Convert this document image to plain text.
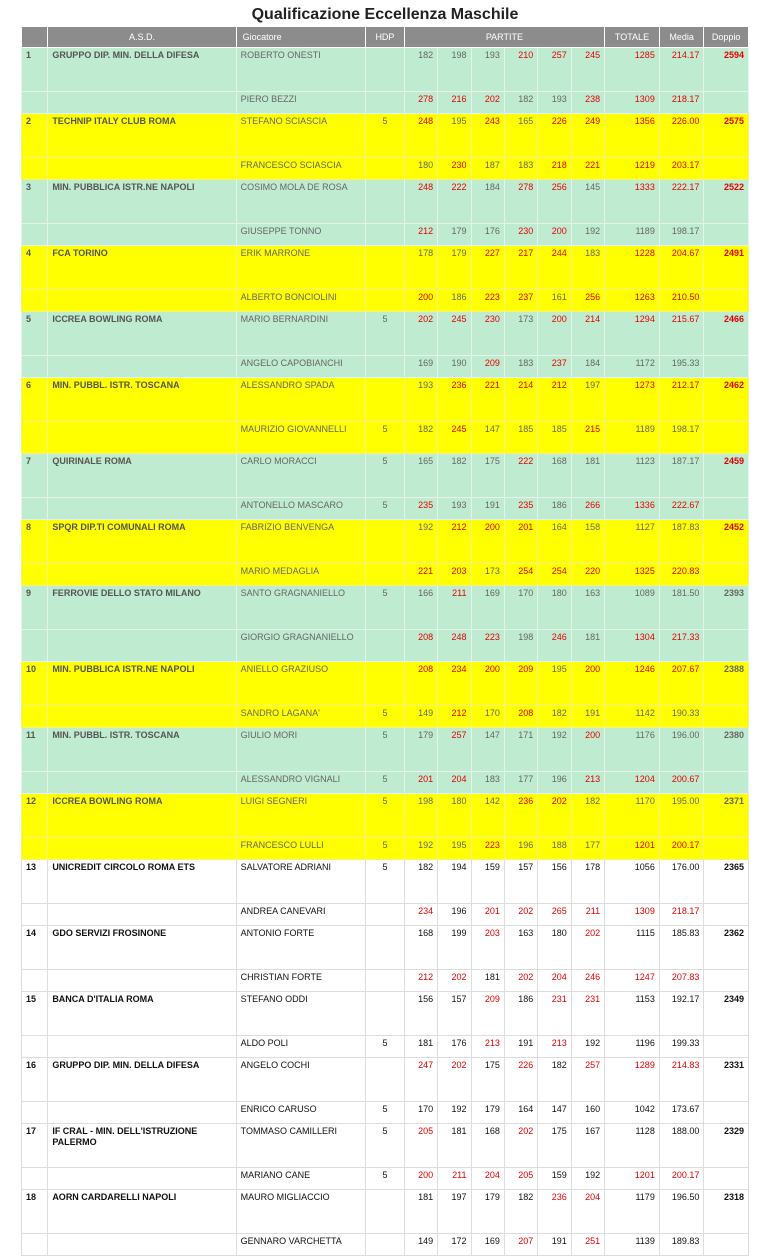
Qualificazione Eccellenza Maschile
	A.S.D.	Giocatore	HDP	PARTITE						TOTALE	Media	Doppio
1	GRUPPO DIP. MIN. DELLA DIFESA	ROBERTO ONESTI		182	198	193	210	257	245	1285	214.17	2594
		PIERO BEZZI		278	216	202	182	193	238	1309	218.17	
2	TECHNIP ITALY CLUB ROMA	STEFANO SCIASCIA	5	248	195	243	165	226	249	1356	226.00	2575
		FRANCESCO SCIASCIA		180	230	187	183	218	221	1219	203.17	
3	MIN. PUBBLICA ISTR.NE NAPOLI	COSIMO MOLA DE ROSA		248	222	184	278	256	145	1333	222.17	2522
		GIUSEPPE TONNO		212	179	176	230	200	192	1189	198.17	
4	FCA TORINO	ERIK MARRONE		178	179	227	217	244	183	1228	204.67	2491
		ALBERTO BONCIOLINI		200	186	223	237	161	256	1263	210.50	
5	ICCREA BOWLING ROMA	MARIO BERNARDINI	5	202	245	230	173	200	214	1294	215.67	2466
		ANGELO CAPOBIANCHI		169	190	209	183	237	184	1172	195.33	
6	MIN. PUBBL. ISTR. TOSCANA	ALESSANDRO SPADA		193	236	221	214	212	197	1273	212.17	2462
		MAURIZIO GIOVANNELLI	5	182	245	147	185	185	215	1189	198.17	
7	QUIRINALE ROMA	CARLO MORACCI	5	165	182	175	222	168	181	1123	187.17	2459
		ANTONELLO MASCARO	5	235	193	191	235	186	266	1336	222.67	
8	SPQR DIP.TI COMUNALI ROMA	FABRIZIO BENVENGA		192	212	200	201	164	158	1127	187.83	2452
		MARIO MEDAGLIA		221	203	173	254	254	220	1325	220.83	
9	FERROVIE DELLO STATO MILANO	SANTO GRAGNANIELLO	5	166	211	169	170	180	163	1089	181.50	2393
		GIORGIO GRAGNANIELLO		208	248	223	198	246	181	1304	217.33	
10	MIN. PUBBLICA ISTR.NE NAPOLI	ANIELLO GRAZIUSO		208	234	200	209	195	200	1246	207.67	2388
		SANDRO LAGANA'	5	149	212	170	208	182	191	1142	190.33	
11	MIN. PUBBL. ISTR. TOSCANA	GIULIO MORI	5	179	257	147	171	192	200	1176	196.00	2380
		ALESSANDRO VIGNALI	5	201	204	183	177	196	213	1204	200.67	
12	ICCREA BOWLING ROMA	LUIGI SEGNERI	5	198	180	142	236	202	182	1170	195.00	2371
		FRANCESCO LULLI	5	192	195	223	196	188	177	1201	200.17	
13	UNICREDIT CIRCOLO ROMA ETS	SALVATORE ADRIANI	5	182	194	159	157	156	178	1056	176.00	2365
		ANDREA CANEVARI		234	196	201	202	265	211	1309	218.17	
14	GDO SERVIZI FROSINONE	ANTONIO FORTE		168	199	203	163	180	202	1115	185.83	2362
		CHRISTIAN FORTE		212	202	181	202	204	246	1247	207.83	
15	BANCA D'ITALIA ROMA	STEFANO ODDI		156	157	209	186	231	231	1153	192.17	2349
		ALDO POLI	5	181	176	213	191	213	192	1196	199.33	
16	GRUPPO DIP. MIN. DELLA DIFESA	ANGELO COCHI		247	202	175	226	182	257	1289	214.83	2331
		ENRICO CARUSO	5	170	192	179	164	147	160	1042	173.67	
17	IF CRAL - MIN. DELL'ISTRUZIONE PALERMO	TOMMASO CAMILLERI	5	205	181	168	202	175	167	1128	188.00	2329
		MARIANO CANE	5	200	211	204	205	159	192	1201	200.17	
18	AORN CARDARELLI NAPOLI	MAURO MIGLIACCIO		181	197	179	182	236	204	1179	196.50	2318
		GENNARO VARCHETTA		149	172	169	207	191	251	1139	189.83	
